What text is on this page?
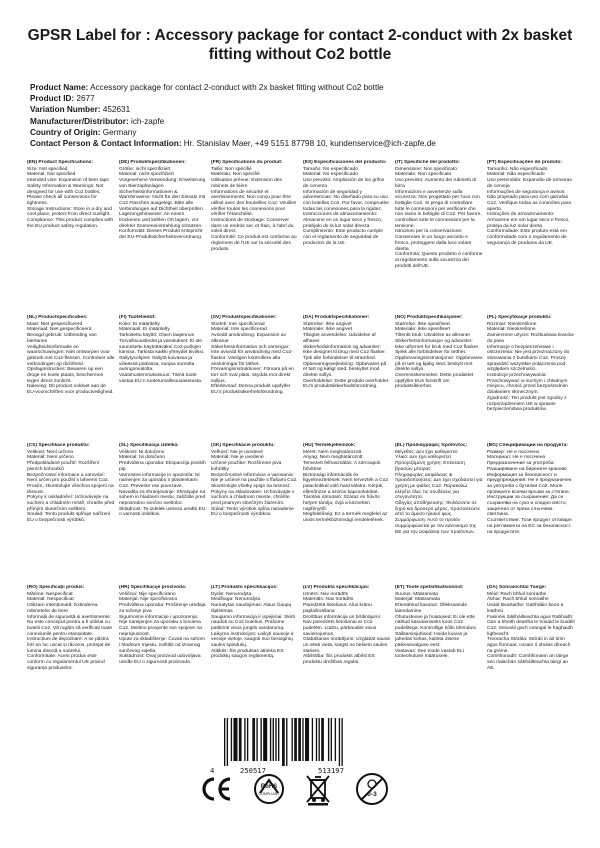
GPSR Label for : Accessory package for contact 2-conduct with 2x basket fitting without Co2 bottle
Product Name: Accessory package for contact 2-conduct with 2x basket fitting without Co2 bottle
Product ID: 2677
Variation Number: 452631
Manufacturer/Distributor: ich-zapfe
Country of Origin: Germany
Contact Person & Contact Information: Hr. Stanislav Maer, +49 5151 87798 10, kundenservice@ich-zapfe.de
(EN) Product Specifications:
Size: Not specified
Material: Not specified
Intended Use: Expansion of beer taps
Safety Information & Warnings: Not designed for use with Co2 bottles. Please check all connections for tightness.
Storage Instructions: Store in a dry and cool place, protect from direct sunlight.
Compliance: This product complies with the EU product safety regulation.
(DE) Produktspezifikationen:
Größe: nicht spezifiziert
Material: nicht spezifiziert
Vorgesehene Verwendung: Erweiterung von Bierzapfanlagen
Sicherheitsinformationen & Warnhinweise: Nicht für den Einsatz mit Co2 Flaschen ausgelegt. Bitte alle Verbindungen auf Dichtheit überprüfen.
Lagerungshinweise: An einem trockenen und kühlen Ort lagern, vor direkter Sonneneinstrahlung schützen.
Konformität: Dieses Produkt entspricht der EU-Produktsicherheitsverordnung.
(FR) Spécifications du produit:
Taille: Non spécifié
Matériau: Non spécifié
Utilisation prévue: Extension des robinets de bière
Informations de sécurité et avertissements: Non conçu pour être utilisé avec des bouteilles Co2. Veuillez vérifier toutes les connexions pour vérifier l'étanchéité.
Instructions de stockage: Conserver dans un endroit sec et frais, à l'abri du soleil direct.
Conformité: Ce produit est conforme au règlement de l'UE sur la sécurité des produits.
(ES) Especificaciones del producto:
Tamaño: No especificado
Material: No especificado
Uso previsto: Ampliación de los grifos de cerveza
Información de seguridad y advertencias: No diseñado para su uso con botellas Co2. Por favor, compruebe todas las conexiones para la rigidez.
Instrucciones de almacenamiento: Almacene en un lugar seco y fresco, protéjalo de la luz solar directa.
Cumplimiento: Este producto cumple con el reglamento de seguridad de productos de la UE.
(IT) Specifiche del prodotto:
Dimensione: Non specificato
Materiale: Non specificato
Uso previsto: Aumento dei rubinetti di birra
Informazioni e avvertenze sulla sicurezza: Non progettato per l'uso con bottiglie Co2. Si prega di controllare tutte le connessioni per verificare che non siano in bottiglie di Co2. Per favore, controllare tutte le connessioni per la tensione.
Istruzioni per la conservazione: Conservare in un luogo asciutto e fresco, proteggere dalla luce solare diretta.
Conformità: Questo prodotto è conforme al regolamento sulla sicurezza dei prodotti dell'UE.
(PT) Especificações do produto:
Tamanho: Não especificado
Material: Não especificado
Uso pretendido: Expansão de torneiras de cerveja
Informações de segurança e avisos: Não projetado para uso com garrafas Co2. Verifique todas as conexões para aperto.
Instruções de armazenamento: Armazene em um lugar seco e fresco, proteja da luz solar direta.
Conformidade: Este produto está em conformidade com o regulamento de segurança de produtos da UE.
(NL) Productspecificaties:
Maat: Niet gespecificeerd
Materiaal: Niet gespecificeerd
Beoogd gebruik: Uitbreiding van biertanen
Veiligheidsinformatie en waarschuwingen: Niet ontworpen voor gebruik met Co2-flessen. Controleer alle verbindingen op dichtheid.
Opslaginstructies: Bewaren op een droge en koele plaats, beschermen tegen direct zonlicht.
Naleving: Dit product voldoet aan de EU-voorschriften voor productveiligheid.
(FI) Tuotetiedot:
Koko: Ei määritelty
Materiaali: Ei määritelty
Tarkoitettu käyttö: Oluen laajennus
Turvallisuustiedot ja varoitukset: Ei ole suunniteltu käytettäväksi Co2-pullojen kanssa. Tarkista kaikki yhteydet tiiviiksi.
Säilytysohjeet: Säilytä kuivassa ja viileässä paikassa, suojaa suoralta auringonvalolta.
Vaatimustenmukaisuus: Tämä tuote vastaa EU:n tuoteturvallisuusasetusta.
(SV) Produktspecifikationer:
Storlek: Inte specificerad
Material: Inte specificerad
Avsedd användning: Expansion av ölkranar
Säkerhetsinformation och varningar: Inte avsedd för användning med Co2-flaskor. Vänligen kontrollera alla anslutningar för täthet.
Förvaringsinstruktioner: Förvara på en torr och sval plats, skydda mot direkt solljus.
Efterlevnad: Denna produkt uppfyller EU:s produktsäkerhetsförordning.
(DA) Produktspecifikationer:
Størrelse: Ikke angivet
Materiale: Ikke angivet
Tilsigtet anvendelse: Udvidelse af ølhaner
Sikkerhedsinformation og advarsler: Ikke designet til brug med Co2 flasker. Tjek alle forbindelser til stramhed.
Opbevaringsvejledning: Opbevares på et tørt og køligt sted, beskyttet mod direkte sollys.
Overholdelse: Dette produkt overholder EU's produktsikkerhedsforordning.
(NO) Produktspesifikasjoner:
Størrelse: Ikke spesifisert
Materiale: Ikke spesifisert
Tiltenkt bruk: Utvidelse av ølkraner
Sikkerhetsinformasjon og advarsler: Ikke utformet for bruk med Co2 flasker. Sjekk alle forbindelser for tetthet.
Oppbevaringsinstruksjoner: Oppbevares på et tørt og kjølig sted, beskytt mot direkte sollys.
Overensstemmelse: Dette produktet oppfyller EUs forskrift om produktsikkerhet.
(PL) Specyfikacje produktu:
Rozmiar: Nieokreślone
Materiał: Nieokreślone
Zamierzone użycie: Rozbudowa kranów do piwa
Informacje o bezpieczeństwie i ostrzeżenia: Nie jest przeznaczony do stosowania z butelkami Co2. Proszę sprawdzić wszystkie połączenia pod względem szczelności.
Instrukcje przechowywania: Przechowywać w suchym i chłodnym miejscu, chronić przed bezpośrednim działaniem słonecznym.
Zgodność: Ten produkt jest zgodny z rozporządzeniem UE w sprawie bezpieczeństwa produktów.
(CS) Specifikace produktu:
Velikost: Není určeno
Materiál: Není určeno
Předpokládané použití: Rozšíření pivních kohoutků
Bezpečnostní informace a varování: Není určen pro použití s lahvemi Co2. Prosím, zkontrolujte všechna spojení na těsnost.
Pokyny k uskladnění: Uchovávejte na suchém a chladném místě, chraňte před přímým slunečním světlem.
Soulad: Tento produkt splňuje nařízení EU o bezpečnosti výrobků.
(SL) Specifikacija izdelka:
Velikost: Ni določeno
Material: Ni določeno
Predvidena uporaba: Ekspanzija pivskih pip
Varnostne informacije in opozorila: Ni namenjen za uporabo s plastenkami Co2. Preverite vse povezave.
Navodila za shranjevanje: Shranjujte na suhem in hladnem mestu, zaščitite pred neposredno sončno svetlobo.
Skladnost: Ta izdelek ustreza uredbi EU o varnosti izdelkov.
(SK) Špecifikácie produktu:
Veľkosť: Nie je uvedené
Materiál: Nie je uvedené
Určené použitie: Rozšírenie piva kohútiky
Bezpečnostné informácie a varovania: Nie je určené na použitie s fľašami Co2. Skontrolujte všetky spoje na tesnosť.
Pokyny na skladovanie: Uchovávajte v suchom a chladnom mieste, chráňte pred priamym slnečným žiarením.
Súlad: Tento výrobok spĺňa nariadenie EÚ o bezpečnosti výrobkov.
(HU) Termékjellemzők:
Méret: Nem meghatározott
Anyag: Nem meghatározott
Tervezett felhasználás: A sörcsapok bővítése
Biztonsági információk és figyelmeztetések: Nem tervezték a Co2 palackokkal való használatra. Kérjük, ellenőrizze a szoros kapcsolatokat.
Tárolási útmutató: Száraz és hűvös helyen tárolja, óvja a közvetlen napfénytől.
Megfelelőség: Ez a termék megfelel az uniós termékbiztonsági rendeletének.
(EL) Προδιαγραφές προϊόντος:
Μέγεθος: Δεν έχει καθοριστεί
Υλικό: Δεν έχει καθοριστεί
Προοριζόμενη χρήση: Επέκταση βρυσών μπύρας
Πληροφορίες ασφάλειας & προειδοποιήσεις: Δεν έχει σχεδιαστεί για χρήση με φιάλες Co2. Παρακαλώ ελέγξτε όλες τις συνδέσεις για στεγανότητα.
Οδηγίες αποθήκευσης: Φυλάσσετε σε ξηρό και δροσερό μέρος, προστατεύετε από το άμεσο ηλιακό φως.
Συμμόρφωση: Αυτό το προϊόν συμμορφώνεται με τον κανονισμό της ΕΕ για την ασφάλεια των προϊόντων.
(BG) Спецификации на продукта:
Размер: Не е посочено
Материал: Не е посочено
Предназначение за употреба: Разширяване на бирените кранове
Информация за безопасност и предупреждения: Не е предназначен за употреба с бутилки Co2. Моля проверете всички връзки за стягане.
Инструкции за съхранение: Да се съхранява на сухо и хладно място, защитено от пряка слънчева светлина.
Съответствие: Този продукт отговаря на регламента на ЕС за безопасност на продуктите.
(RO) Specificații produs:
Mărime: Nespecificat
Material: Nespecificat
Utilizare intenționată: Extinderea robinetelor de bere
Informații de siguranță și avertismente: Nu este conceput pentru a fi utilizat cu butelii Co2. Vă rugăm să verificați toate conexiunile pentru etanșeitate.
Instrucțiuni de depozitare: A se păstra într-un loc uscat și răcoros, protejat de lumina directă a soarelui.
Conformitate: Acest produs este conform cu regulamentul UE privind siguranța produselor.
(HR) Specifikacije proizvoda:
Veličina: Nije specificirano
Materijal: Nije specificirano
Predviđena uporaba: Proširenje uređaja za točenje piva
Sigurnosne informacije i upozorenja: Nije namijenjen za uporabu s bocama Co2. Molimo provjerite sve spojeve na nepropusnost.
Upute za skladištenje: Čuvati na suhom i hladnom mjestu, zaštititi od izravnog sunčevog svjetla.
Sukladnost: Ovaj proizvod udovoljava uredbi EU o sigurnosti proizvoda.
(LT) Produkto specifikacijos:
Dydis: Nenurodyta
Medžiaga: Nenurodyta
Numatytas naudojimas: Alaus čiaupų išplėtimas
Saugumo informacija ir įspėjimai: Skirti naudoti su Co2 butelius. Prašome patikrinti visus jungtis sandarumą.
Laikymo instrukcijos: Laikyti sausoje ir vėsioje vietoje, saugoti nuo tiesioginių saulės spindulių.
Atitiktis: Šis produktas atitinka ES produktų saugos reglamentą.
(LV) Produkta specifikācijas:
Izmērs: Nav norādīts
Materiāls: Nav norādīts
Paredzētā lietošana: Alus krānu paplašināšana
Drošības informācija un brīdinājumi: Nav paredzēts lietošanai ar Co2 pudelēm. Lūdzu, pārbaudiet visus savienojumus.
Glabāšanas norādījumi: Uzglabāt sausā un vēsā vietā, sargāt no tiešiem saules stariem.
Atbilstība: Šis produkts atbilst ES produktu drošības regulai.
(ET) Toote spetsifikatsioonid:
Suurus: Määramata
Materjal: Määramata
Ettenähtud kasutus: Õllekraanide laiendamine
Ohutusteave ja hoiatused: Ei ole ette nähtud kasutamiseks koos Co2 pudelitega. Kontrollige kõiki ühendusi.
Säilitamisjuhised: Hoida kuivas ja jahedas kohas, kaitsta otsese päikesevalguse eest.
Vastavus: See toode vastab ELi tooteohutuse määrusele.
(GA) Sonraíochtaí Táirge:
Méid: Rach bhfuil sonraithe
Ábhar: Rach bhfuil sonraithe
Úsáid Beartaithe: Gabhdáin beoir a leathnú
Faisnéis Sábháilteachta agus Rabhadh: Gan a bheith deartha le húsáid le buidéil Co2. Seiceáil gach ceangal le haghaidh lígtheacht.
Treoracha Stórála: Stóráil in áit tirim agus fionnuar, cosain ó sholas díreach na gréine.
Comhlíonadh: Comhlíonann an táirge seo rialachán sábháilteachta táirgí an AE.
4	250517	513197
RoHS
COMPLIANT	0-3
